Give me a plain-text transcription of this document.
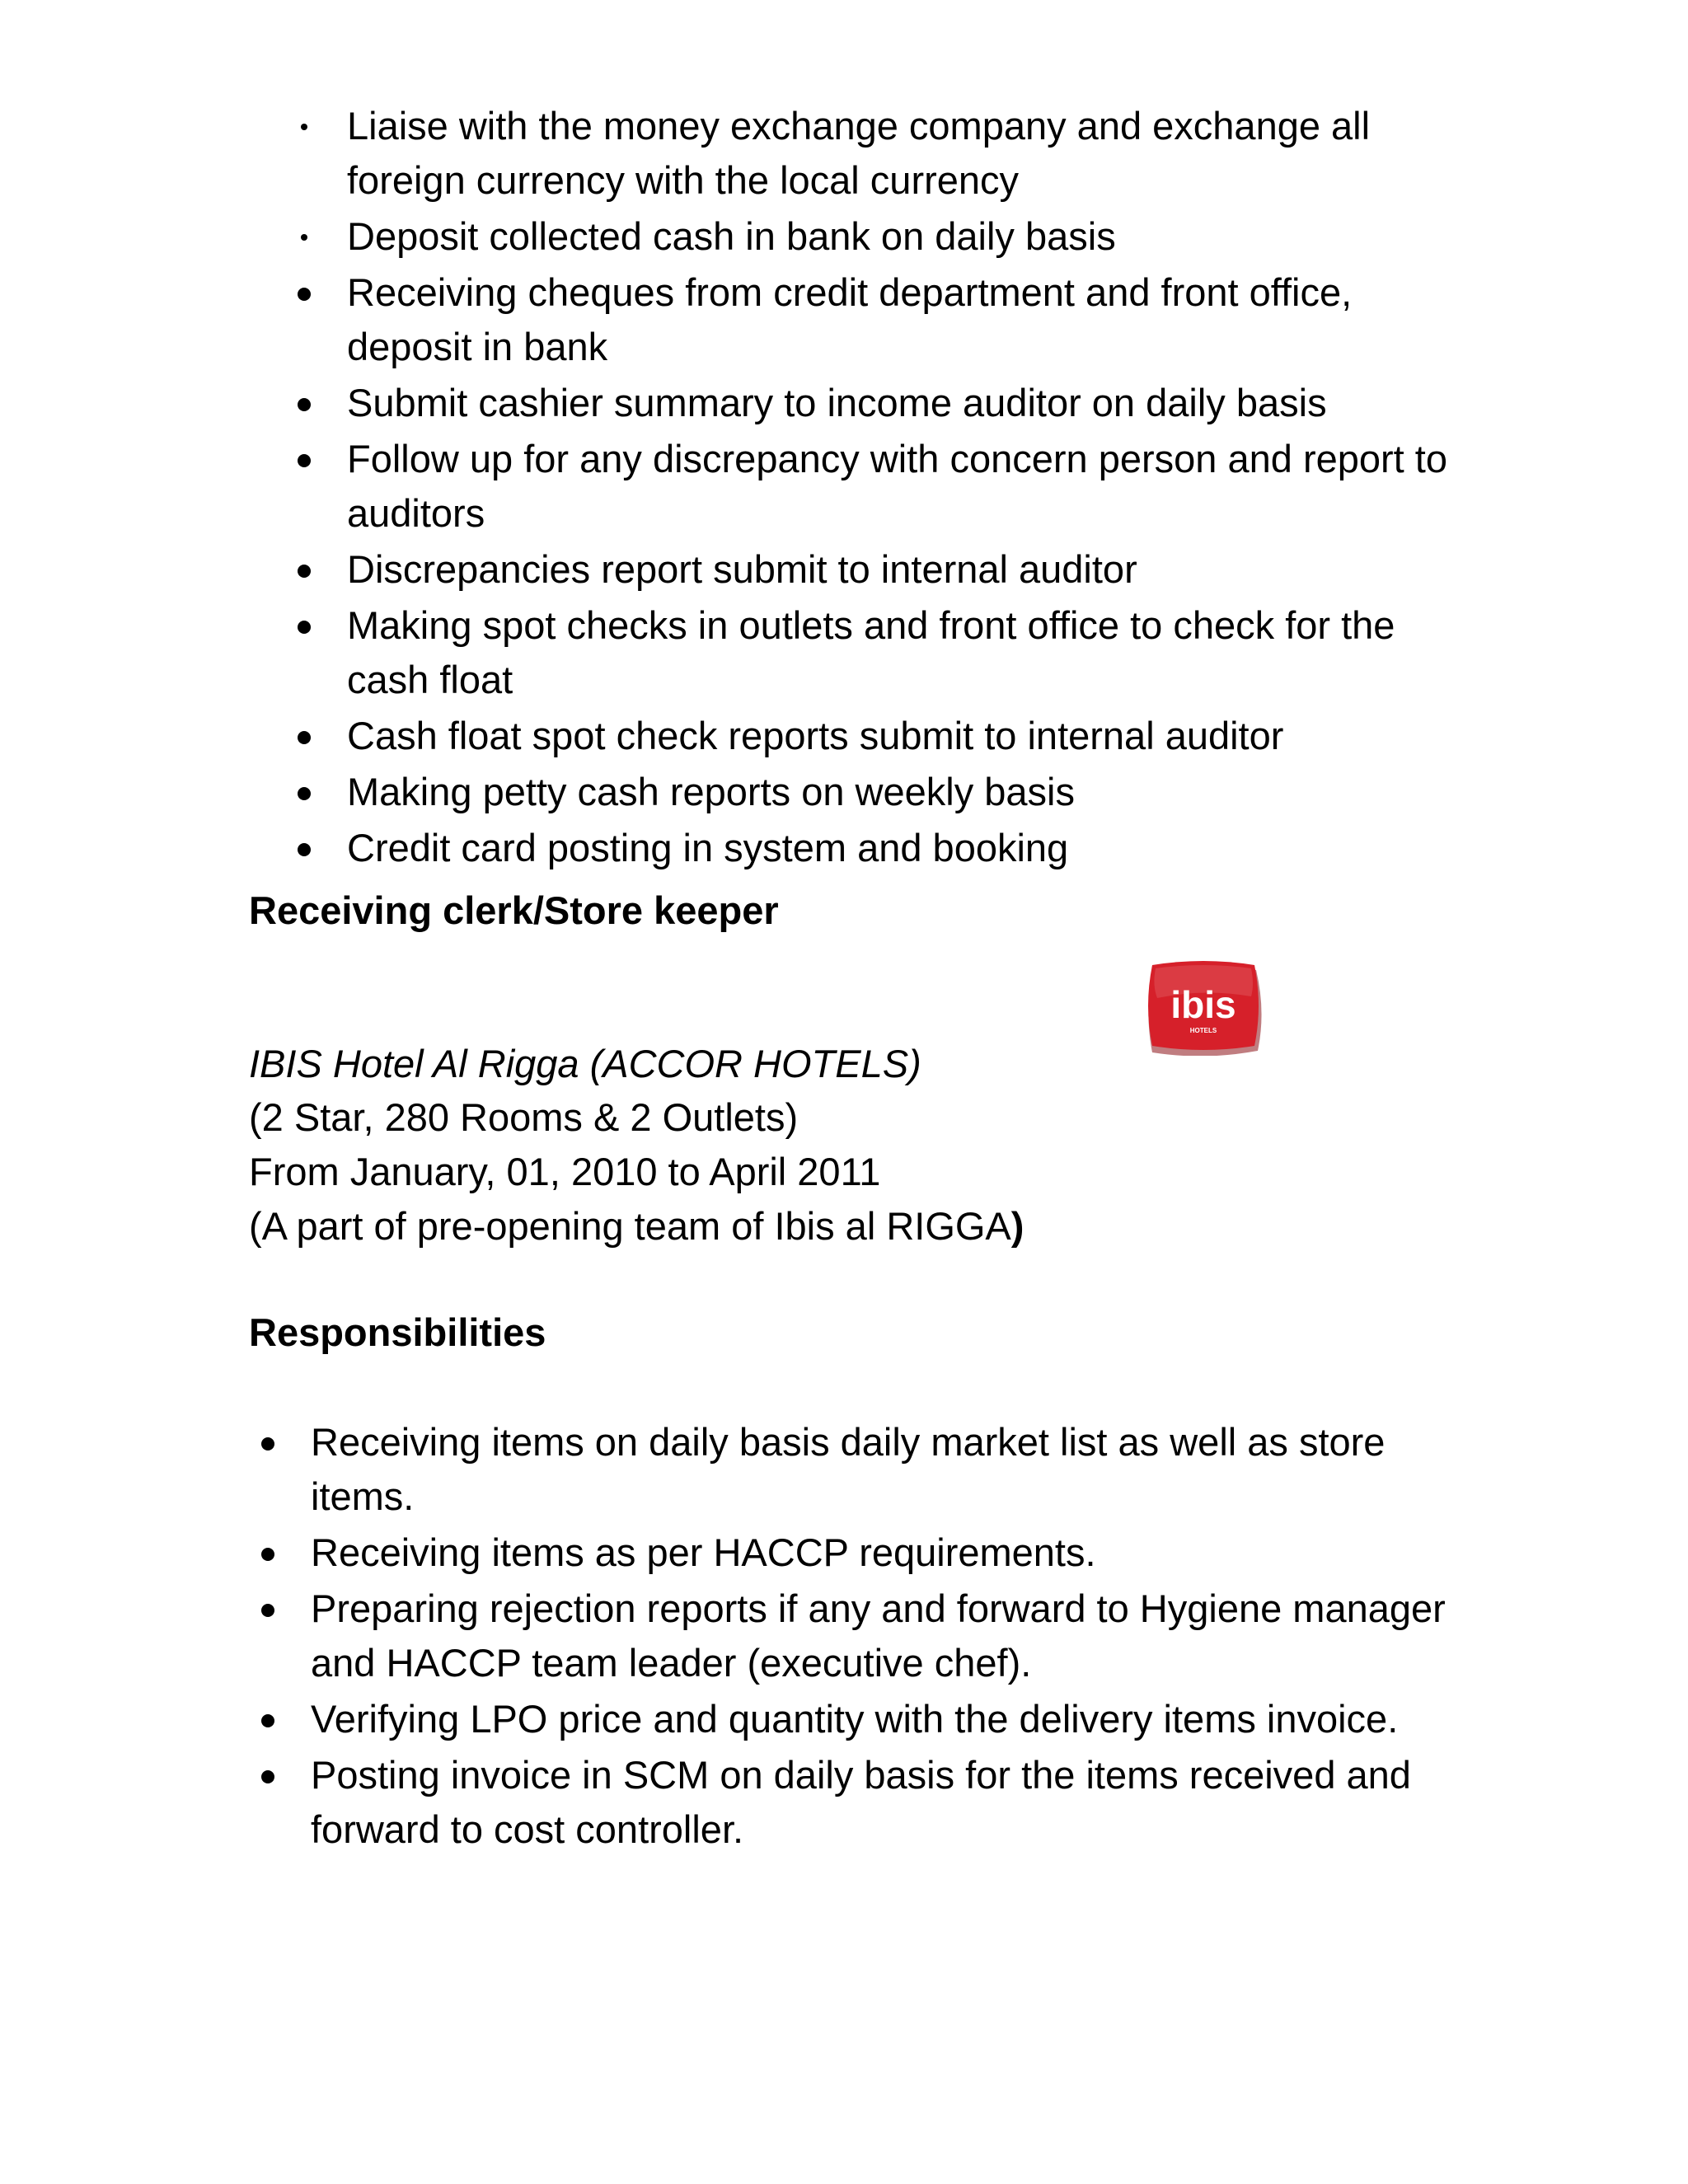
Liaise with the money exchange company and exchange all foreign currency with the local currency
Deposit collected cash in bank on daily basis
Receiving cheques from credit department and front office, deposit in bank
Submit cashier summary to income auditor on daily basis
Follow up for any discrepancy with concern person and report to auditors
Discrepancies report submit to internal auditor
Making spot checks in outlets and front office to check for the cash float
Cash float spot check reports submit to internal auditor
Making petty cash reports on weekly basis
Credit card posting in system and booking
Receiving clerk/Store keeper
ibis
HOTELS
IBIS Hotel Al Rigga (ACCOR HOTELS)
(2 Star, 280 Rooms & 2 Outlets)
From January, 01, 2010 to April 2011
(A part of pre-opening team of Ibis al RIGGA)
Responsibilities
Receiving items on daily basis daily market list as well as store items.
Receiving items as per HACCP requirements.
Preparing rejection reports if any and forward to Hygiene manager and HACCP team leader (executive chef).
Verifying LPO price and quantity with the delivery items invoice.
Posting invoice in SCM on daily basis for the items received and forward to cost controller.
